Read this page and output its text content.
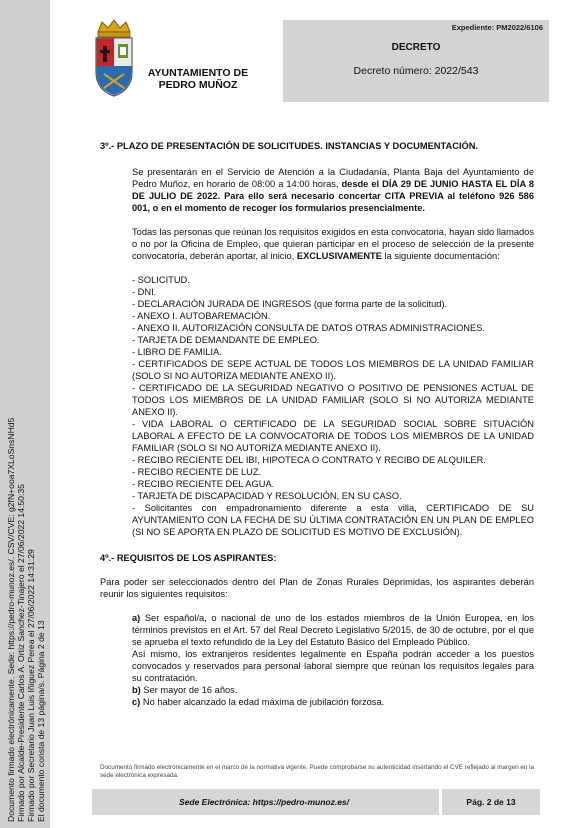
Documento firmado electrónicamente. Sede: https://pedro-munoz.es/. CSV/CVE: g2fN+ooa7XLoSnsNHd5 Firmado por Alcalde-Presidente Carlos A. Ortiz Sanchez-Tinajero el 27/06/2022 14:50:35 Firmado por Secretario Juan Luis Iñiguez Perea el 27/06/2022 14:31:29 El documento consta de 13 página/s. Página 2 de 13
AYUNTAMIENTO DE
PEDRO MUÑOZ
Expediente: PM2022/6106
DECRETO
Decreto número: 2022/543

3º.- PLAZO DE PRESENTACIÓN DE SOLICITUDES. INSTANCIAS Y DOCUMENTACIÓN.

Se presentarán en el Servicio de Atención a la Ciudadanía, Planta Baja del Ayuntamiento de Pedro Muñoz, en horario de 08:00 a 14:00 horas, desde el DÍA 29 DE JUNIO HASTA EL DÍA 8 DE JULIO DE 2022. Para ello será necesario concertar CITA PREVIA al teléfono 926 586 001, o en el momento de recoger los formularios presencialmente.

Todas las personas que reúnan los requisitos exigidos en esta convocatoria, hayan sido llamados o no por la Oficina de Empleo, que quieran participar en el proceso de selección de la presente convocatoria, deberán aportar, al inicio, EXCLUSIVAMENTE la siguiente documentación:

- SOLICITUD.
- DNI.
- DECLARACIÓN JURADA DE INGRESOS (que forma parte de la solicitud).
- ANEXO I. AUTOBAREMACIÓN.
- ANEXO II. AUTORIZACIÓN CONSULTA DE DATOS OTRAS ADMINISTRACIONES.
- TARJETA DE DEMANDANTE DE EMPLEO.
- LIBRO DE FAMILIA.
- CERTIFICADOS DE SEPE ACTUAL DE TODOS LOS MIEMBROS DE LA UNIDAD FAMILIAR (SOLO SI NO AUTORIZA MEDIANTE ANEXO II).
- CERTIFICADO DE LA SEGURIDAD NEGATIVO O POSITIVO DE PENSIONES ACTUAL DE TODOS LOS MIEMBROS DE LA UNIDAD FAMILIAR (SOLO SI NO AUTORIZA MEDIANTE ANEXO II).
- VIDA LABORAL O CERTIFICADO DE LA SEGURIDAD SOCIAL SOBRE SITUACIÓN LABORAL A EFECTO DE LA CONVOCATORIA DE TODOS LOS MIEMBROS DE LA UNIDAD FAMILIAR (SOLO SI NO AUTORIZA MEDIANTE ANEXO II).
- RECIBO RECIENTE DEL IBI, HIPOTECA O CONTRATO Y RECIBO DE ALQUILER.
- RECIBO RECIENTE DE LUZ.
- RECIBO RECIENTE DEL AGUA.
- TARJETA DE DISCAPACIDAD Y RESOLUCIÓN, EN SU CASO.
- Solicitantes con empadronamiento diferente a esta villa, CERTIFICADO DE SU AYUNTAMIENTO CON LA FECHA DE SU ÚLTIMA CONTRATACIÓN EN UN PLAN DE EMPLEO (SI NO SE APORTA EN PLAZO DE SOLICITUD ES MOTIVO DE EXCLUSIÓN).

4º.- REQUISITOS DE LOS ASPIRANTES:

Para poder ser seleccionados dentro del Plan de Zonas Rurales Deprimidas, los aspirantes deberán reunir los siguientes requisitos:

a) Ser español/a, o nacional de uno de los estados miembros de la Unión Europea, en los términos previstos en el Art. 57 del Real Decreto Legislativo 5/2015, de 30 de octubre, por el que se aprueba el texto refundido de la Ley del Estatuto Básico del Empleado Público.

Así mismo, los extranjeros residentes legalmente en España podrán acceder a los puestos convocados y reservados para personal laboral siempre que reúnan los requisitos legales para su contratación.

b) Ser mayor de 16 años.

c) No haber alcanzado la edad máxima de jubilación forzosa.

Documento firmado electrónicamente en el marco de la normativa vigente. Puede comprobarse su autenticidad insertando el CVE reflejado al margen en la sede electrónica expresada.
Sede Electrónica: https://pedro-munoz.es/	Pág. 2 de 13
